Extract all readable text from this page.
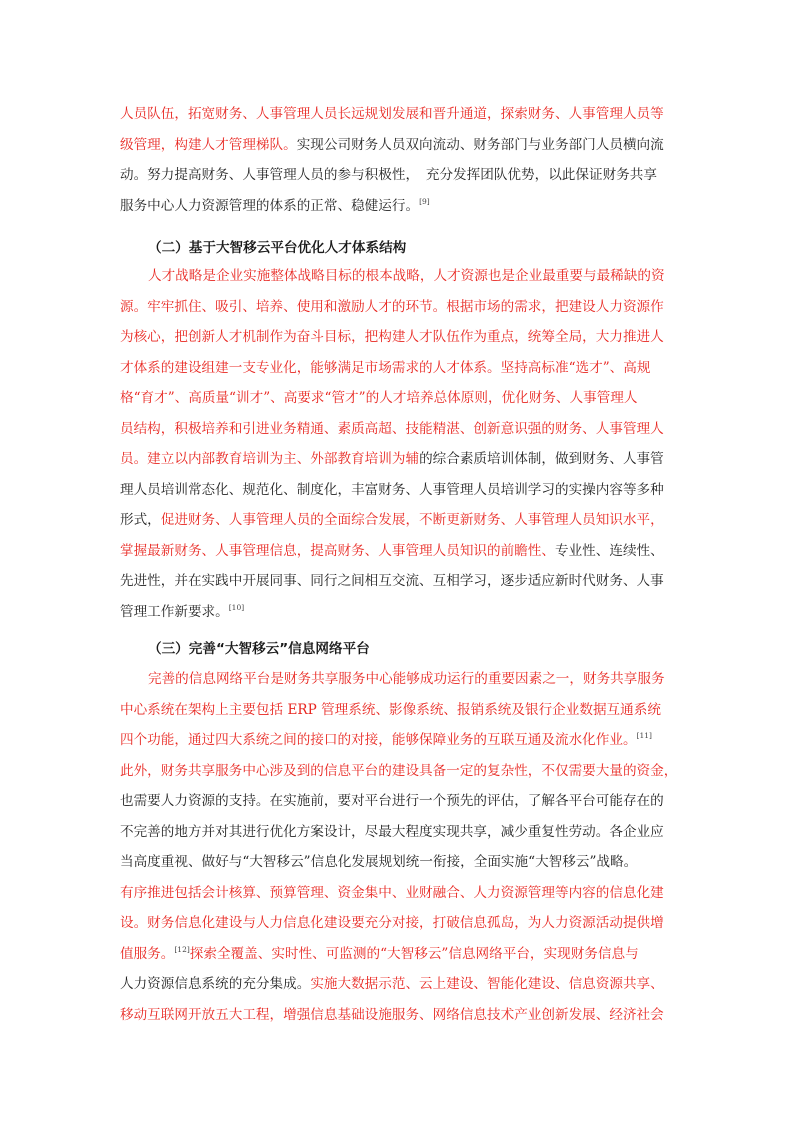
人员队伍，拓宽财务、人事管理人员长远规划发展和晋升通道，探索财务、人事管理人员等
级管理，构建人才管理梯队。实现公司财务人员双向流动、财务部门与业务部门人员横向流
动。努力提高财务、人事管理人员的参与积极性，　充分发挥团队优势，以此保证财务共享
服务中心人力资源管理的体系的正常、稳健运行。[9]
（二）基于大智移云平台优化人才体系结构
人才战略是企业实施整体战略目标的根本战略，人才资源也是企业最重要与最稀缺的资
源。牢牢抓住、吸引、培养、使用和激励人才的环节。根据市场的需求，把建设人力资源作
为核心，把创新人才机制作为奋斗目标，把构建人才队伍作为重点，统筹全局，大力推进人
才体系的建设组建一支专业化，能够满足市场需求的人才体系。坚持高标准“选才”、高规
格“育才”、高质量“训才”、高要求“管才”的人才培养总体原则，优化财务、人事管理人
员结构，积极培养和引进业务精通、素质高超、技能精湛、创新意识强的财务、人事管理人
员。建立以内部教育培训为主、外部教育培训为辅的综合素质培训体制，做到财务、人事管
理人员培训常态化、规范化、制度化，丰富财务、人事管理人员培训学习的实操内容等多种
形式，促进财务、人事管理人员的全面综合发展，不断更新财务、人事管理人员知识水平，
掌握最新财务、人事管理信息，提高财务、人事管理人员知识的前瞻性、专业性、连续性、
先进性，并在实践中开展同事、同行之间相互交流、互相学习，逐步适应新时代财务、人事
管理工作新要求。[10]
（三）完善“大智移云”信息网络平台
完善的信息网络平台是财务共享服务中心能够成功运行的重要因素之一，财务共享服务
中心系统在架构上主要包括 ERP 管理系统、影像系统、报销系统及银行企业数据互通系统
四个功能，通过四大系统之间的接口的对接，能够保障业务的互联互通及流水化作业。[11]
此外，财务共享服务中心涉及到的信息平台的建设具备一定的复杂性，不仅需要大量的资金，
也需要人力资源的支持。在实施前，要对平台进行一个预先的评估，了解各平台可能存在的
不完善的地方并对其进行优化方案设计，尽最大程度实现共享，减少重复性劳动。各企业应
当高度重视、做好与“大智移云”信息化发展规划统一衔接，全面实施“大智移云”战略。
有序推进包括会计核算、预算管理、资金集中、业财融合、人力资源管理等内容的信息化建
设。财务信息化建设与人力信息化建设要充分对接，打破信息孤岛，为人力资源活动提供增
值服务。[12]探索全覆盖、实时性、可监测的“大智移云”信息网络平台，实现财务信息与
人力资源信息系统的充分集成。实施大数据示范、云上建设、智能化建设、信息资源共享、
移动互联网开放五大工程，增强信息基础设施服务、网络信息技术产业创新发展、经济社会
